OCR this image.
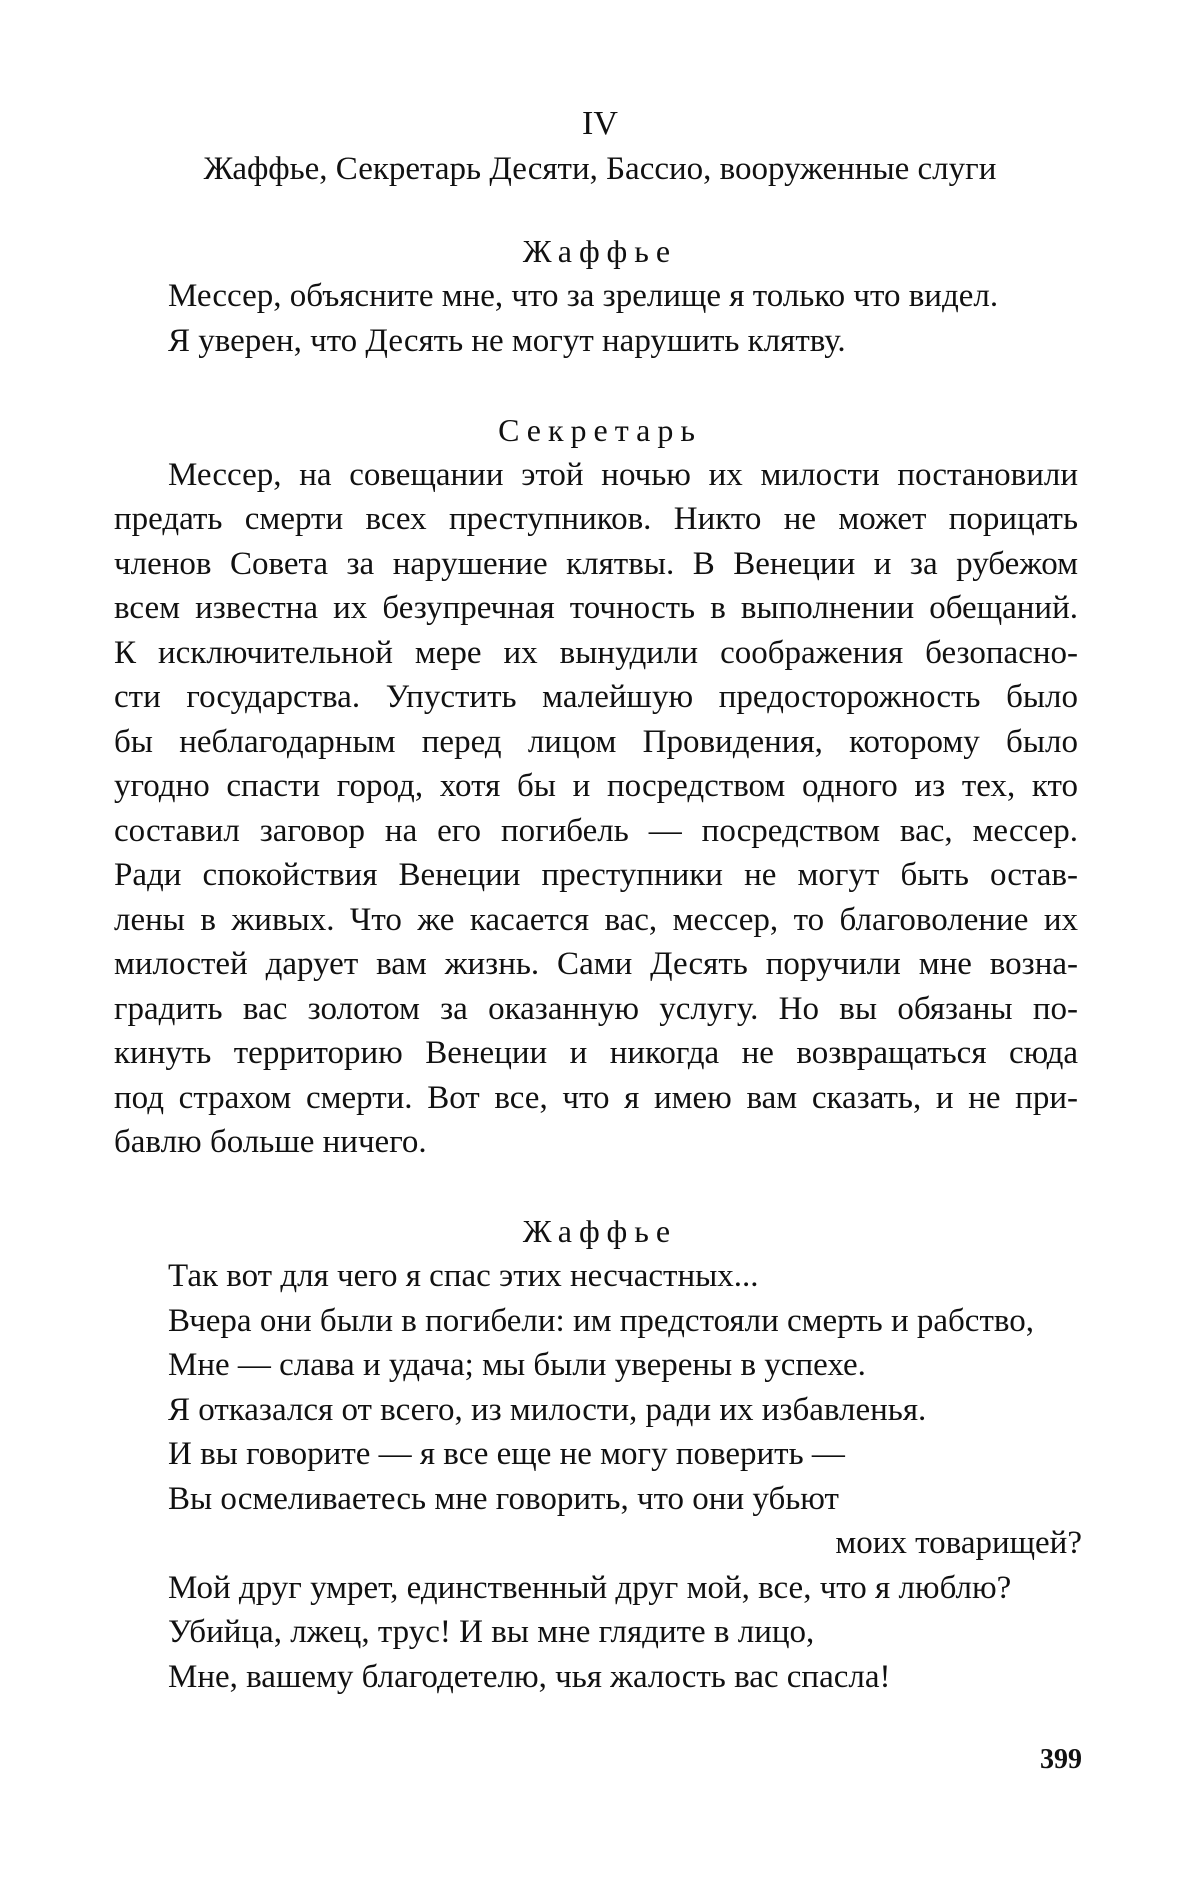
IV
Жаффье, Секретарь Десяти, Бассио, вооруженные слуги
Жаффье
Мессер, объясните мне, что за зрелище я только что видел.
Я уверен, что Десять не могут нарушить клятву.
Секретарь
Мессер, на совещании этой ночью их милости постановили
предать смерти всех преступников. Никто не может порицать
членов Совета за нарушение клятвы. В Венеции и за рубежом
всем известна их безупречная точность в выполнении обещаний.
К исключительной мере их вынудили соображения безопасно-
сти государства. Упустить малейшую предосторожность было
бы неблагодарным перед лицом Провидения, которому было
угодно спасти город, хотя бы и посредством одного из тех, кто
составил заговор на его погибель — посредством вас, мессер.
Ради спокойствия Венеции преступники не могут быть остав-
лены в живых. Что же касается вас, мессер, то благоволение их
милостей дарует вам жизнь. Сами Десять поручили мне возна-
градить вас золотом за оказанную услугу. Но вы обязаны по-
кинуть территорию Венеции и никогда не возвращаться сюда
под страхом смерти. Вот все, что я имею вам сказать, и не при-
бавлю больше ничего.
Жаффье
Так вот для чего я спас этих несчастных...
Вчера они были в погибели: им предстояли смерть и рабство,
Мне — слава и удача; мы были уверены в успехе.
Я отказался от всего, из милости, ради их избавленья.
И вы говорите — я все еще не могу поверить —
Вы осмеливаетесь мне говорить, что они убьют
моих товарищей?
Мой друг умрет, единственный друг мой, все, что я люблю?
Убийца, лжец, трус! И вы мне глядите в лицо,
Мне, вашему благодетелю, чья жалость вас спасла!
399
